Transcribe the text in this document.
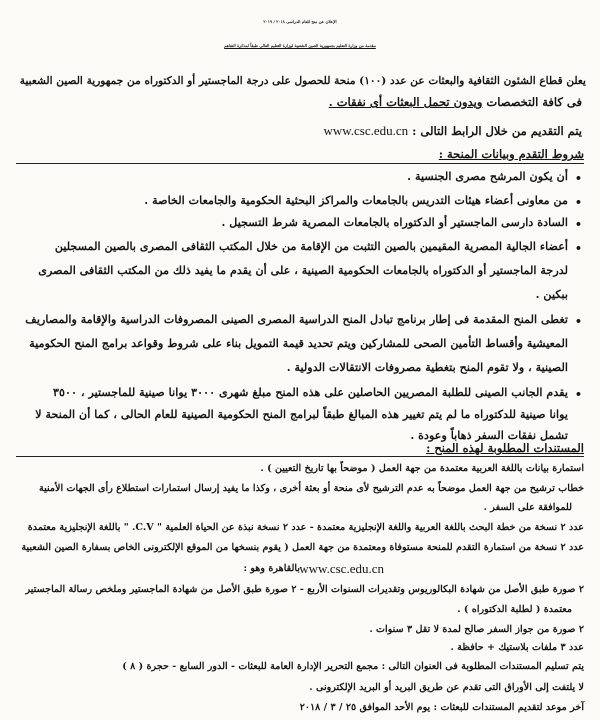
الإعلان عن منح للعام الدراسى ٢٠١٨ / ٢٠١٩
مقدمة من وزارة التعليم بجمهورية الصين الشعبية لوزارة التعليم العالى طبقاً لمذكرة التفاهم
يعلن قطاع الشئون الثقافية والبعثات عن عدد (١٠٠) منحة للحصول على درجة الماجستير أو الدكتوراه من جمهورية الصين الشعبية
فى كافة التخصصات ويدون تحمل البعثات أى نفقات .
يتم التقديم من خلال الرابط التالى : www.csc.edu.cn
شروط التقدم وبيانات المنحة :
•
أن يكون المرشح مصرى الجنسية .
•
من معاونى أعضاء هيئات التدريس بالجامعات والمراكز البحثية الحكومية والجامعات الخاصة .
•
السادة دارسى الماجستير أو الدكتوراه بالجامعات المصرية شرط التسجيل .
•
أعضاء الجالية المصرية المقيمين بالصين التثبت من الإقامة من خلال المكتب الثقافى المصرى بالصين المسجلين
لدرجة الماجستير أو الدكتوراه بالجامعات الحكومية الصينية ، على أن يقدم ما يفيد ذلك من المكتب الثقافى المصرى
ببكين .
•
تغطى المنح المقدمة فى إطار برنامج تبادل المنح الدراسية المصرى الصينى المصروفات الدراسية والإقامة والمصاريف
المعيشية وأقساط التأمين الصحى للمشاركين ويتم تحديد قيمة التمويل بناء على شروط وقواعد برامج المنح الحكومية
الصينية ، ولا تقوم المنح بتغطية مصروفات الانتقالات الدولية .
•
يقدم الجانب الصينى للطلبة المصريين الحاصلين على هذه المنح مبلغ شهرى ٣٠٠٠ يوانا صينية للماجستير ، ٣٥٠٠
يوانا صينية للدكتوراه ما لم يتم تغيير هذه المبالغ طبقاً لبرامج المنح الحكومية الصينية للعام الحالى ، كما أن المنحة لا
تشمل نفقات السفر ذهاباً وعودة .
المستندات المطلوبة لهذه المنح :
استمارة بيانات باللغة العربية معتمدة من جهة العمل ( موضحاً بها تاريخ التعيين ) .
خطاب ترشيح من جهة العمل موضحاً به عدم الترشيح لأى منحة أو بعثة أخرى ، وكذا ما يفيد إرسال استمارات استطلاع رأى الجهات الأمنية
للموافقة على السفر .
عدد ٢ نسخة من خطة البحث باللغة العربية واللغة الإنجليزية معتمدة - عدد ٢ نسخة نبذة عن الحياة العلمية " C.V. " باللغة الإنجليزية معتمدة
عدد ٢ نسخة من استمارة التقدم للمنحة مستوفاة ومعتمدة من جهة العمل ( يقوم بنسخها من الموقع الإلكترونى الخاص بسفارة الصين الشعبية
بالقاهرة وهو : www.csc.edu.cn
٢ صورة طبق الأصل من شهادة البكالوريوس وتقديرات السنوات الأربع - ٢ صورة طبق الأصل من شهادة الماجستير وملخص رسالة الماجستير
معتمدة ( لطلبة الدكتوراه ) .
٢ صورة من جواز السفر صالح لمدة لا تقل ٣ سنوات .
عدد ٣ ملفات بلاستيك + حافظة .
يتم تسليم المستندات المطلوبة فى العنوان التالى : مجمع التحرير الإدارة العامة للبعثات - الدور السابع - حجرة ( ٨ )
لا يلتفت إلى الأوراق التى تقدم عن طريق البريد أو البريد الإلكترونى .
آخر موعد لتقديم المستندات للبعثات : يوم الأحد الموافق ٢٥ / ٣ / ٢٠١٨
